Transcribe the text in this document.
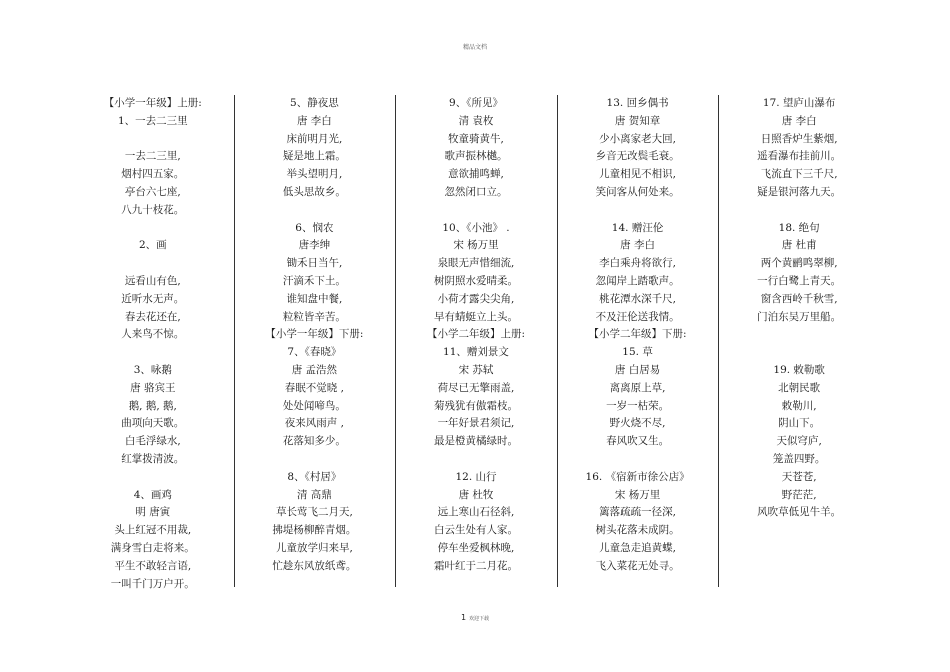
精品文档
【小学一年级】上册:
1、一去二三里
一去二三里,
烟村四五家。
亭台六七座,
八九十枝花。
2、画
远看山有色,
近听水无声。
春去花还在,
人来鸟不惊。
3、咏鹅
唐 骆宾王
鹅, 鹅, 鹅,
曲项向天歌。
白毛浮绿水,
红掌拨清波。
4、画鸡
明 唐寅
头上红冠不用裁,
满身雪白走将来。
平生不敢轻言语,
一叫千门万户开。
5、静夜思
唐 李白
床前明月光,
疑是地上霜。
举头望明月,
低头思故乡。
6、悯农
唐李绅
锄禾日当午,
汗滴禾下土。
谁知盘中餐,
粒粒皆辛苦。
【小学一年级】下册:
7、《春晓》
唐 孟浩然
春眠不觉晓 ,
处处闻啼鸟。
夜来风雨声 ,
花落知多少。
8、《村居》
清 高鼎
草长莺飞二月天,
拂堤杨柳醉青烟。
儿童放学归来早,
忙趁东风放纸鸢。
9、《所见》
清 袁枚
牧童骑黄牛,
歌声振林樾。
意欲捕鸣蝉,
忽然闭口立。
10、《小池》 .
宋 杨万里
泉眼无声惜细流,
树阴照水爱晴柔。
小荷才露尖尖角,
早有蜻蜓立上头。
【小学二年级】上册:
11、赠刘景文
宋 苏轼
荷尽已无擎雨盖,
菊残犹有傲霜枝。
一年好景君须记,
最是橙黄橘绿时。
12. 山行
唐 杜牧
远上寒山石径斜,
白云生处有人家。
停车坐爱枫林晚,
霜叶红于二月花。
13. 回乡偶书
唐 贺知章
少小离家老大回,
乡音无改鬓毛衰。
儿童相见不相识,
笑问客从何处来。
14. 赠汪伦
唐 李白
李白乘舟将欲行,
忽闻岸上踏歌声。
桃花潭水深千尺,
不及汪伦送我情。
【小学二年级】下册:
15. 草
唐 白居易
离离原上草,
一岁一枯荣。
野火烧不尽,
春风吹又生。
16. 《宿新市徐公店》
宋 杨万里
篱落疏疏一径深,
树头花落未成阴。
儿童急走追黄蝶,
飞入菜花无处寻。
17. 望庐山瀑布
唐 李白
日照香炉生紫烟,
遥看瀑布挂前川。
飞流直下三千尺,
疑是银河落九天。
18. 绝句
唐 杜甫
两个黄鹂鸣翠柳,
一行白鹭上青天。
窗含西岭千秋雪,
门泊东吴万里船。
19. 敕勒歌
北朝民歌
敕勒川,
阴山下。
天似穹庐,
笼盖四野。
天苍苍,
野茫茫,
风吹草低见牛羊。
1 欢迎下载
